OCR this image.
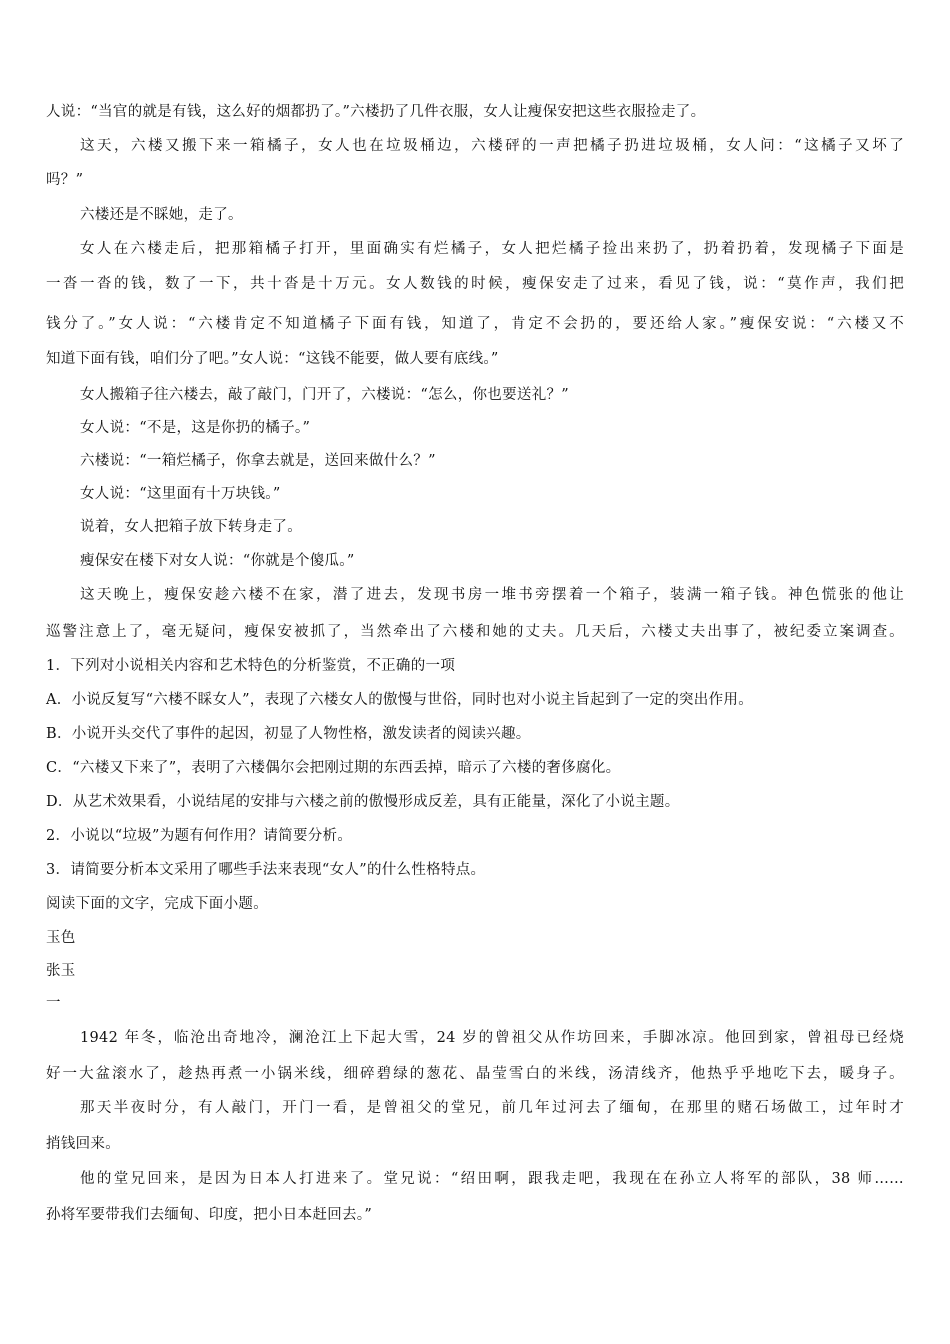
人说：“当官的就是有钱，这么好的烟都扔了。”六楼扔了几件衣服，女人让瘦保安把这些衣服捡走了。
这天，六楼又搬下来一箱橘子，女人也在垃圾桶边，六楼砰的一声把橘子扔进垃圾桶，女人问：“这橘子又坏了
吗？”
六楼还是不睬她，走了。
女人在六楼走后，把那箱橘子打开，里面确实有烂橘子，女人把烂橘子捡出来扔了，扔着扔着，发现橘子下面是
一沓一沓的钱，数了一下，共十沓是十万元。女人数钱的时候，瘦保安走了过来，看见了钱，说：“莫作声，我们把
钱分了。”女人说：“六楼肯定不知道橘子下面有钱，知道了，肯定不会扔的，要还给人家。”瘦保安说：“六楼又不
知道下面有钱，咱们分了吧。”女人说：“这钱不能要，做人要有底线。”
女人搬箱子往六楼去，敲了敲门，门开了，六楼说：“怎么，你也要送礼？”
女人说：“不是，这是你扔的橘子。”
六楼说：“一箱烂橘子，你拿去就是，送回来做什么？”
女人说：“这里面有十万块钱。”
说着，女人把箱子放下转身走了。
瘦保安在楼下对女人说：“你就是个傻瓜。”
这天晚上，瘦保安趁六楼不在家，潜了进去，发现书房一堆书旁摆着一个箱子，装满一箱子钱。神色慌张的他让
巡警注意上了，毫无疑问，瘦保安被抓了，当然牵出了六楼和她的丈夫。几天后，六楼丈夫出事了，被纪委立案调查。
1．下列对小说相关内容和艺术特色的分析鉴赏，不正确的一项
A．小说反复写“六楼不睬女人”，表现了六楼女人的傲慢与世俗，同时也对小说主旨起到了一定的突出作用。
B．小说开头交代了事件的起因，初显了人物性格，激发读者的阅读兴趣。
C．“六楼又下来了”，表明了六楼偶尔会把刚过期的东西丢掉，暗示了六楼的奢侈腐化。
D．从艺术效果看，小说结尾的安排与六楼之前的傲慢形成反差，具有正能量，深化了小说主题。
2．小说以“垃圾”为题有何作用？请简要分析。
3．请简要分析本文采用了哪些手法来表现“女人”的什么性格特点。
阅读下面的文字，完成下面小题。
玉色
张玉
一
1942 年冬，临沧出奇地冷，澜沧江上下起大雪，24 岁的曾祖父从作坊回来，手脚冰凉。他回到家，曾祖母已经烧
好一大盆滚水了，趁热再煮一小锅米线，细碎碧绿的葱花、晶莹雪白的米线，汤清线齐，他热乎乎地吃下去，暖身子。
那天半夜时分，有人敲门，开门一看，是曾祖父的堂兄，前几年过河去了缅甸，在那里的赌石场做工，过年时才
捎钱回来。
他的堂兄回来，是因为日本人打进来了。堂兄说：“绍田啊，跟我走吧，我现在在孙立人将军的部队，38 师……
孙将军要带我们去缅甸、印度，把小日本赶回去。”
